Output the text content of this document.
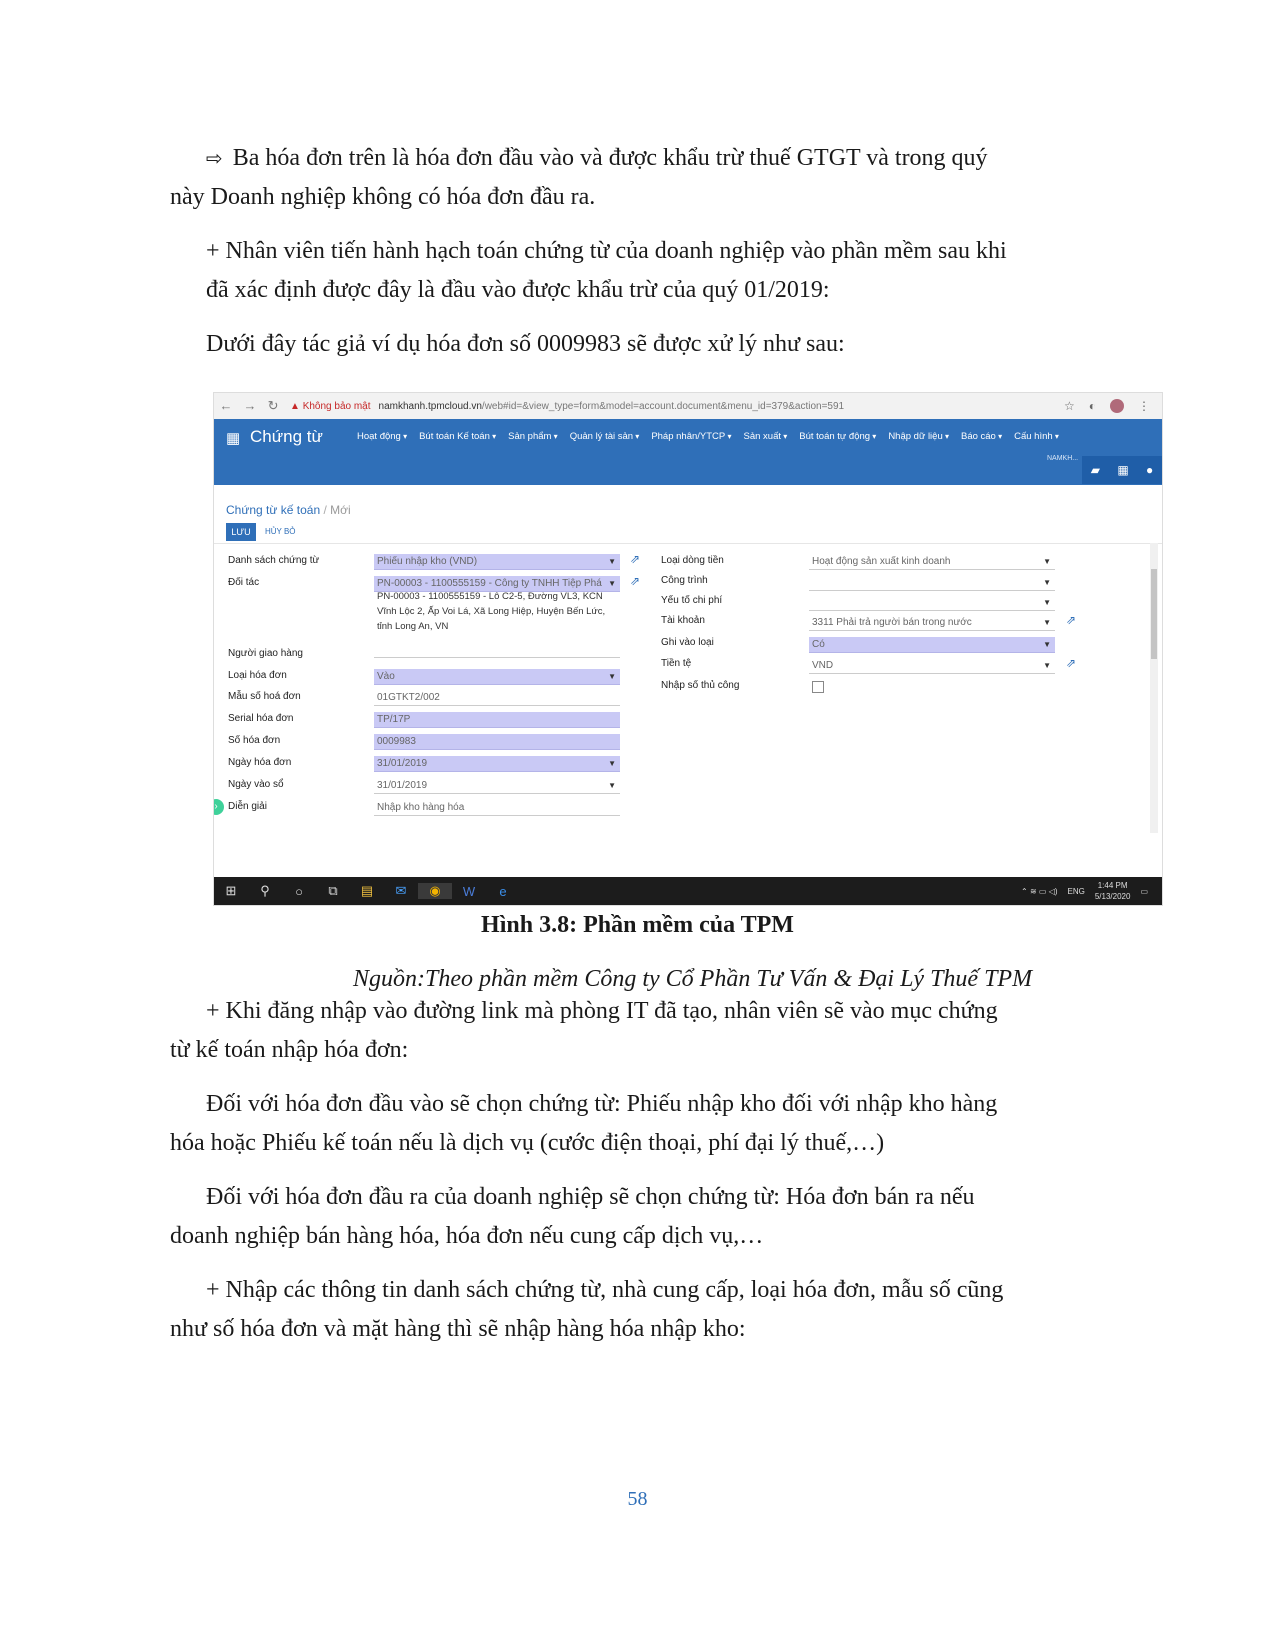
⇨ Ba hóa đơn trên là hóa đơn đầu vào và được khẩu trừ thuế GTGT và trong quý

này Doanh nghiệp không có hóa đơn đầu ra.

+ Nhân viên tiến hành hạch toán chứng từ của doanh nghiệp vào phần mềm sau khi

đã xác định được đây là đầu vào được khẩu trừ của quý 01/2019:

Dưới đây tác giả ví dụ hóa đơn số 0009983 sẽ được xử lý như sau:

← → ↻ ▲ Không bảo mật namkhanh.tpmcloud.vn/web#id=&view_type=form&model=account.document&menu_id=379&action=591	☆ ◐	⋮
▦ Chứng từ	Hoạt động ▾	Bút toán Kế toán ▾	Sản phẩm ▾	Quản lý tài sản ▾	Pháp nhân/YTCP ▾	Sản xuất ▾	Bút toán tự động ▾	Nhập dữ liệu ▾	Báo cáo ▾	Cấu hình ▾
NAMKH...
▰ ▦ ●
Chứng từ kế toán / Mới
LƯU	HỦY BỎ
Danh sách chứng từ	Phiếu nhập kho (VND)	▼ ⇗
Đối tác	PN-00003 - 1100555159 - Công ty TNHH Tiệp Phá ▼ ⇗
PN-00003 - 1100555159 - Lô C2-5, Đường VL3, KCN
Vĩnh Lộc 2, Ấp Voi Lá, Xã Long Hiệp, Huyện Bến Lức,
tỉnh Long An, VN
Người giao hàng
Loại hóa đơn	Vào	▼
Mẫu số hoá đơn	01GTKT2/002
Serial hóa đơn	TP/17P
Số hóa đơn	0009983
Ngày hóa đơn	31/01/2019	▼
Ngày vào sổ	31/01/2019	▼
Diễn giải	Nhập kho hàng hóa
Loại dòng tiền	Hoạt động sản xuất kinh doanh	▼
Công trình	▼
Yếu tố chi phí	▼
Tài khoản	3311 Phải trả người bán trong nước	▼ ⇗
Ghi vào loại	Có	▼
Tiền tệ	VND	▼ ⇗
Nhập số thủ công
›
⊞	⚲	○	⧉	▤	✉	◉	W	e	⌃ ≋ ▭ ◁) ENG
1:44 PM
5/13/2020
▭

Hình 3.8: Phần mềm của TPM

Nguồn:Theo phần mềm Công ty Cổ Phần Tư Vấn & Đại Lý Thuế TPM

+ Khi đăng nhập vào đường link mà phòng IT đã tạo, nhân viên sẽ vào mục chứng

từ kế toán nhập hóa đơn:

Đối với hóa đơn đầu vào sẽ chọn chứng từ: Phiếu nhập kho đối với nhập kho hàng

hóa hoặc Phiếu kế toán nếu là dịch vụ (cước điện thoại, phí đại lý thuế,…)

Đối với hóa đơn đầu ra của doanh nghiệp sẽ chọn chứng từ: Hóa đơn bán ra nếu

doanh nghiệp bán hàng hóa, hóa đơn nếu cung cấp dịch vụ,…

+ Nhập các thông tin danh sách chứng từ, nhà cung cấp, loại hóa đơn, mẫu số cũng

như số hóa đơn và mặt hàng thì sẽ nhập hàng hóa nhập kho:

58
